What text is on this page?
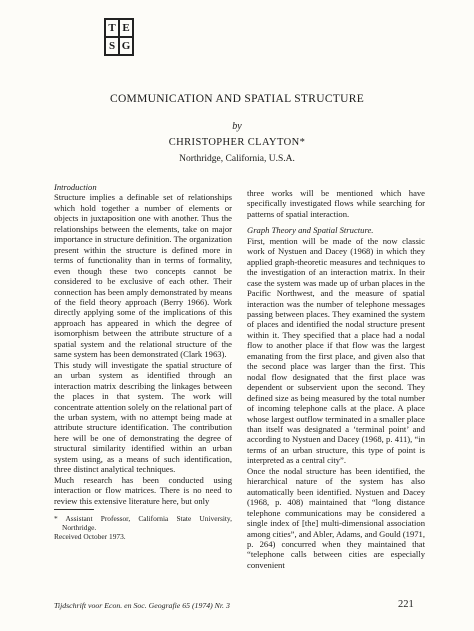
T E
S G
COMMUNICATION AND SPATIAL STRUCTURE
by
CHRISTOPHER CLAYTON*
Northridge, California, U.S.A.

Introduction

Structure implies a definable set of relationships which hold together a number of elements or objects in juxtaposition one with another. Thus the relationships between the elements, take on major importance in structure definition. The organization present within the structure is defined more in terms of functionality than in terms of formality, even though these two concepts cannot be considered to be exclusive of each other. Their connection has been amply demonstrated by means of the field theory approach (Berry 1966). Work directly applying some of the implications of this approach has appeared in which the degree of isomorphism between the attribute structure of a spatial system and the relational structure of the same system has been demonstrated (Clark 1963).

This study will investigate the spatial structure of an urban system as identified through an interaction matrix describing the linkages between the places in that system. The work will concentrate attention solely on the relational part of the urban system, with no attempt being made at attribute structure identification. The contribution here will be one of demonstrating the degree of structural similarity identified within an urban system using, as a means of such identification, three distinct analytical techniques.

Much research has been conducted using interaction or flow matrices. There is no need to review this extensive literature here, but only

* Assistant Professor, California State University, Northridge.

Received October 1973.

three works will be mentioned which have specifically investigated flows while searching for patterns of spatial interaction.

Graph Theory and Spatial Structure.

First, mention will be made of the now classic work of Nystuen and Dacey (1968) in which they applied graph-theoretic measures and techniques to the investigation of an interaction matrix. In their case the system was made up of urban places in the Pacific Northwest, and the measure of spatial interaction was the number of telephone messages passing between places. They examined the system of places and identified the nodal structure present within it. They specified that a place had a nodal flow to another place if that flow was the largest emanating from the first place, and given also that the second place was larger than the first. This nodal flow designated that the first place was dependent or subservient upon the second. They defined size as being measured by the total number of incoming telephone calls at the place. A place whose largest outflow terminated in a smaller place than itself was designated a ‘terminal point’ and according to Nystuen and Dacey (1968, p. 411), “in terms of an urban structure, this type of point is interpreted as a central city”.

Once the nodal structure has been identified, the hierarchical nature of the system has also automatically been identified. Nystuen and Dacey (1968, p. 408) maintained that “long distance telephone communications may be considered a single index of [the] multi-dimensional association among cities”, and Abler, Adams, and Gould (1971, p. 264) concurred when they maintained that “telephone calls between cities are especially convenient

Tijdschrift voor Econ. en Soc. Geografie 65 (1974) Nr. 3	221
